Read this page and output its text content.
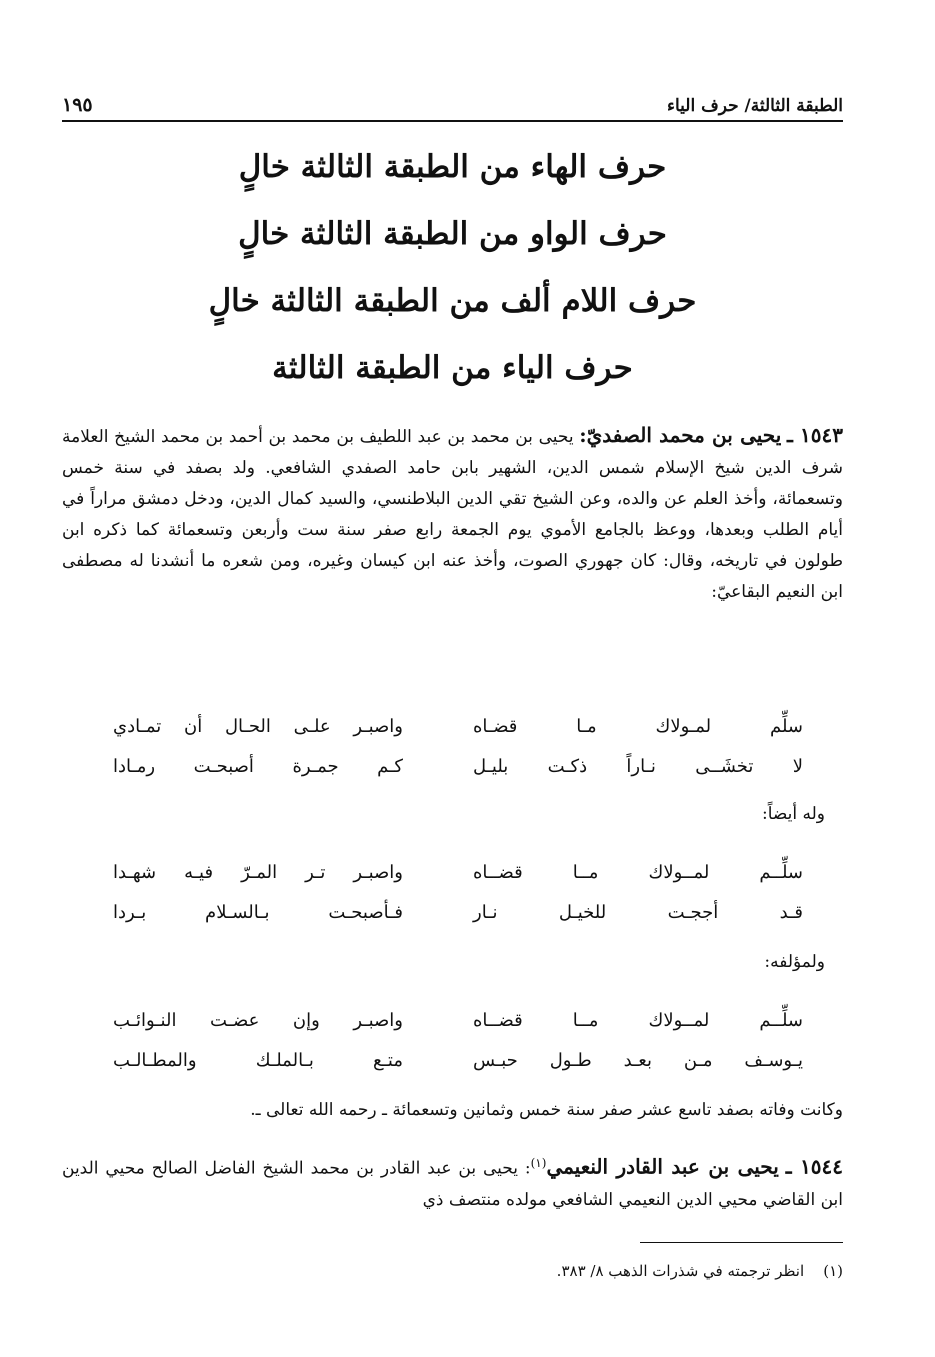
الطبقة الثالثة/ حرف الياء
١٩٥

حرف الهاء من الطبقة الثالثة خالٍ

حرف الواو من الطبقة الثالثة خالٍ

حرف اللام ألف من الطبقة الثالثة خالٍ

حرف الياء من الطبقة الثالثة

١٥٤٣ ـ يحيى بن محمد الصفديّ: يحيى بن محمد بن عبد اللطيف بن محمد بن أحمد بن محمد الشيخ العلامة شرف الدين شيخ الإسلام شمس الدين، الشهير بابن حامد الصفدي الشافعي. ولد بصفد في سنة خمس وتسعمائة، وأخذ العلم عن والده، وعن الشيخ تقي الدين البلاطنسي، والسيد كمال الدين، ودخل دمشق مراراً في أيام الطلب وبعدها، ووعظ بالجامع الأموي يوم الجمعة رابع صفر سنة ست وأربعن وتسعمائة كما ذكره ابن طولون في تاريخه، وقال: كان جهوري الصوت، وأخذ عنه ابن كيسان وغيره، ومن شعره ما أنشدنا له مصطفى ابن النعيم البقاعيّ:
سلِّم لمـولاك مـا قضـاه
واصبـر علـى الحـال أن تمـادي
لا تخشَــى نـاراً ذكـت بليـل
كـم جمـرة أصبحـت رمـادا
وله أيضاً:
سلِّــم لمــولاك مــا قضــاه
واصبـر تـر المـرّ فيـه شهـدا
قـد أججـت للخيـل نـار
فـأصبحـت بـالسـلام بـردا
ولمؤلفه:
سلِّــم لمــولاك مــا قضــاه
واصبـر وإن عضـت النـوائـب
يـوسـف مـن بعـد طـول حبـس
متـع بـالملـك والمطـالـب
وكانت وفاته بصفد تاسع عشر صفر سنة خمس وثمانين وتسعمائة ـ رحمه الله تعالى ـ.
١٥٤٤ ـ يحيى بن عبد القادر النعيمي$^{(١)}$: يحيى بن عبد القادر بن محمد الشيخ الفاضل الصالح محيي الدين ابن القاضي محيي الدين النعيمي الشافعي مولده منتصف ذي
(١)    انظر ترجمته في شذرات الذهب ٨/ ٣٨٣.
